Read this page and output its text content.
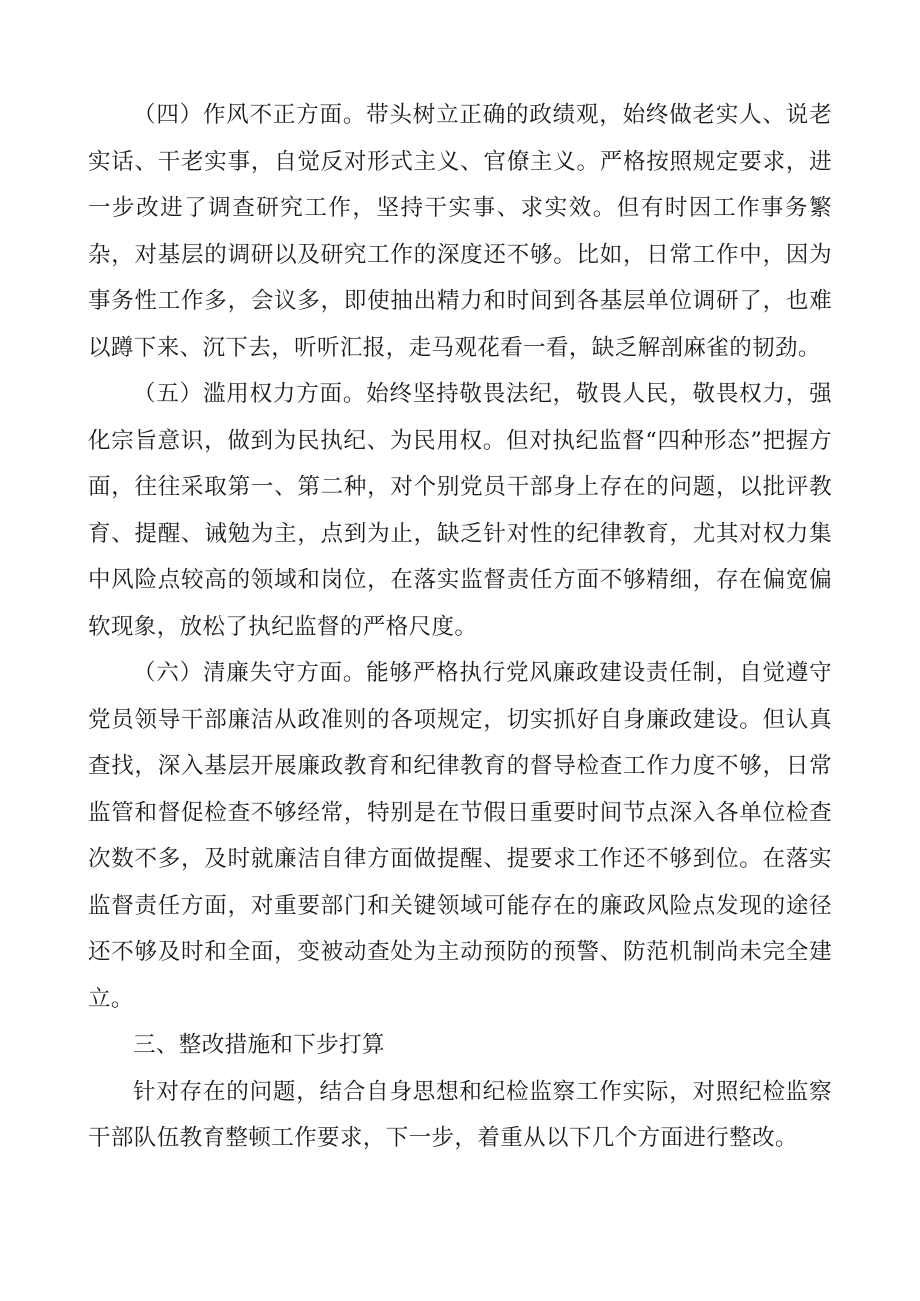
（四）作风不正方面。带头树立正确的政绩观，始终做老实人、说老实话、干老实事，自觉反对形式主义、官僚主义。严格按照规定要求，进一步改进了调查研究工作，坚持干实事、求实效。但有时因工作事务繁杂，对基层的调研以及研究工作的深度还不够。比如，日常工作中，因为事务性工作多，会议多，即使抽出精力和时间到各基层单位调研了，也难以蹲下来、沉下去，听听汇报，走马观花看一看，缺乏解剖麻雀的韧劲。

（五）滥用权力方面。始终坚持敬畏法纪，敬畏人民，敬畏权力，强化宗旨意识，做到为民执纪、为民用权。但对执纪监督“四种形态”把握方面，往往采取第一、第二种，对个别党员干部身上存在的问题，以批评教育、提醒、诫勉为主，点到为止，缺乏针对性的纪律教育，尤其对权力集中风险点较高的领域和岗位，在落实监督责任方面不够精细，存在偏宽偏软现象，放松了执纪监督的严格尺度。

（六）清廉失守方面。能够严格执行党风廉政建设责任制，自觉遵守党员领导干部廉洁从政准则的各项规定，切实抓好自身廉政建设。但认真查找，深入基层开展廉政教育和纪律教育的督导检查工作力度不够，日常监管和督促检查不够经常，特别是在节假日重要时间节点深入各单位检查次数不多，及时就廉洁自律方面做提醒、提要求工作还不够到位。在落实监督责任方面，对重要部门和关键领域可能存在的廉政风险点发现的途径还不够及时和全面，变被动查处为主动预防的预警、防范机制尚未完全建立。

三、整改措施和下步打算

针对存在的问题，结合自身思想和纪检监察工作实际，对照纪检监察干部队伍教育整顿工作要求，下一步，着重从以下几个方面进行整改。
